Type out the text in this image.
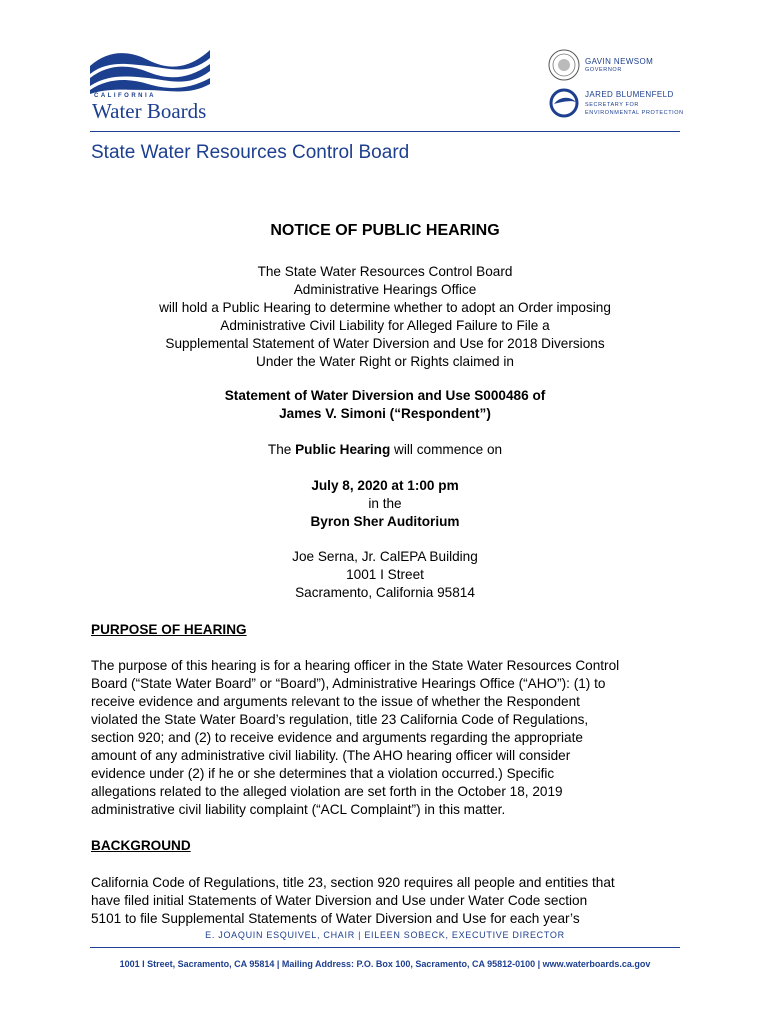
CALIFORNIA
Water Boards
GAVIN NEWSOM
GOVERNOR
JARED BLUMENFELD
SECRETARY FOR ENVIRONMENTAL PROTECTION
State Water Resources Control Board
NOTICE OF PUBLIC HEARING
The State Water Resources Control Board
Administrative Hearings Office
will hold a Public Hearing to determine whether to adopt an Order imposing
Administrative Civil Liability for Alleged Failure to File a
Supplemental Statement of Water Diversion and Use for 2018 Diversions
Under the Water Right or Rights claimed in
Statement of Water Diversion and Use S000486 of
James V. Simoni (“Respondent”)
The Public Hearing will commence on
July 8, 2020 at 1:00 pm
in the
Byron Sher Auditorium
Joe Serna, Jr. CalEPA Building
1001 I Street
Sacramento, California 95814
PURPOSE OF HEARING
The purpose of this hearing is for a hearing officer in the State Water Resources Control
Board (“State Water Board” or “Board”), Administrative Hearings Office (“AHO”): (1) to
receive evidence and arguments relevant to the issue of whether the Respondent
violated the State Water Board’s regulation, title 23 California Code of Regulations,
section 920; and (2) to receive evidence and arguments regarding the appropriate
amount of any administrative civil liability. (The AHO hearing officer will consider
evidence under (2) if he or she determines that a violation occurred.) Specific
allegations related to the alleged violation are set forth in the October 18, 2019
administrative civil liability complaint (“ACL Complaint”) in this matter.
BACKGROUND
California Code of Regulations, title 23, section 920 requires all people and entities that
have filed initial Statements of Water Diversion and Use under Water Code section
5101 to file Supplemental Statements of Water Diversion and Use for each year’s
E. JOAQUIN ESQUIVEL, CHAIR | EILEEN SOBECK, EXECUTIVE DIRECTOR
1001 I Street, Sacramento, CA 95814 | Mailing Address: P.O. Box 100, Sacramento, CA 95812-0100 | www.waterboards.ca.gov
